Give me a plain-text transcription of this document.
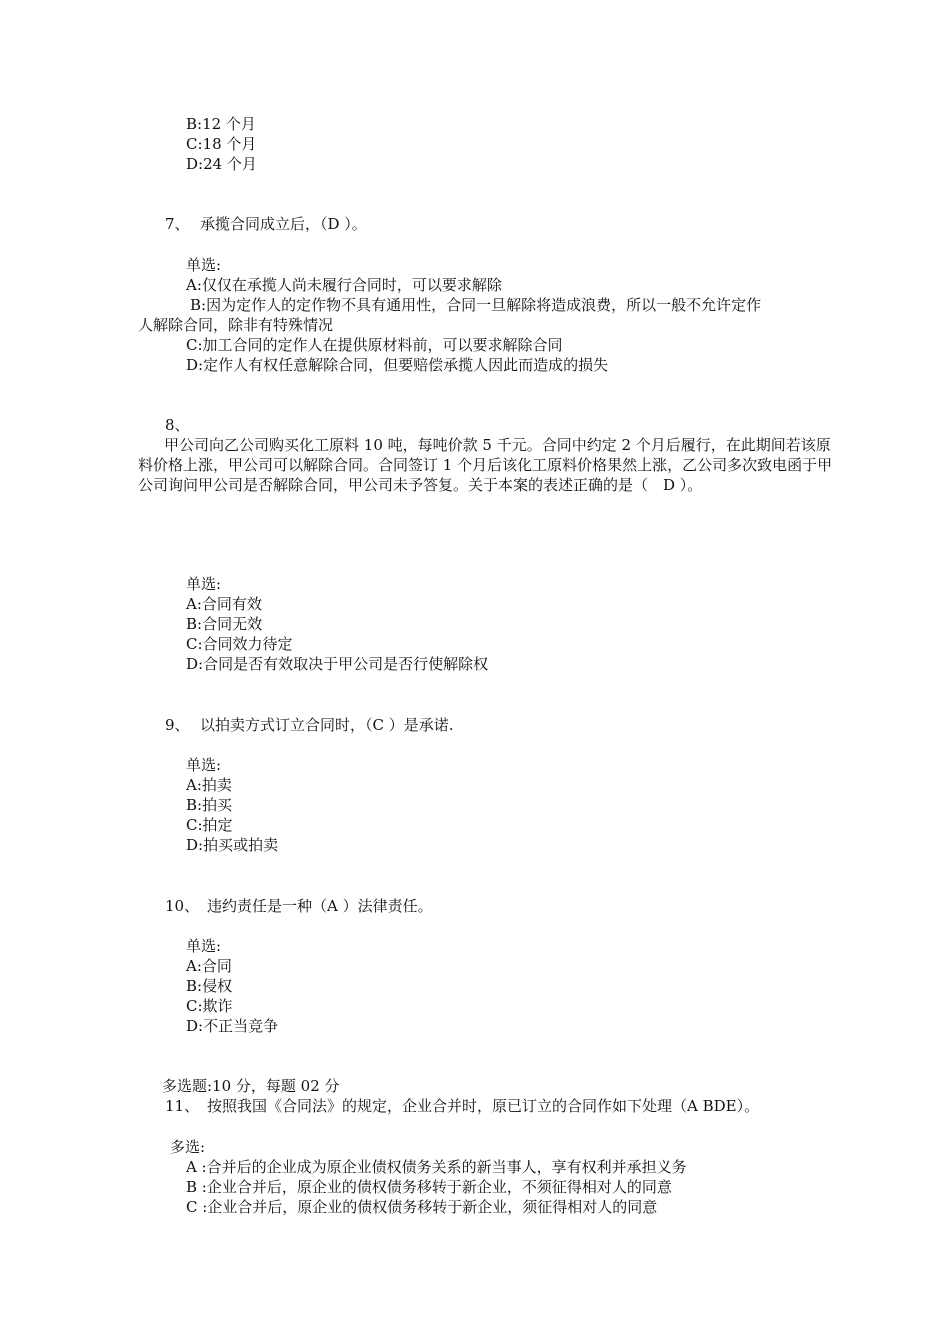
B:12 个月
C:18 个月
D:24 个月
7、 承揽合同成立后，（D ）。
单选:
A:仅仅在承揽人尚未履行合同时，可以要求解除
B:因为定作人的定作物不具有通用性，合同一旦解除将造成浪费，所以一般不允许定作
人解除合同，除非有特殊情况
C:加工合同的定作人在提供原材料前，可以要求解除合同
D:定作人有权任意解除合同，但要赔偿承揽人因此而造成的损失
8、
甲公司向乙公司购买化工原料 10 吨，每吨价款 5 千元。合同中约定 2 个月后履行，在此期间若该原料价格上涨，甲公司可以解除合同。合同签订 1 个月后该化工原料价格果然上涨，乙公司多次致电函于甲公司询问甲公司是否解除合同，甲公司未予答复。关于本案的表述正确的是（　D ）。
单选:
A:合同有效
B:合同无效
C:合同效力待定
D:合同是否有效取决于甲公司是否行使解除权
9、 以拍卖方式订立合同时，（C ）是承诺.
单选:
A:拍卖
B:拍买
C:拍定
D:拍买或拍卖
10、 违约责任是一种（A ）法律责任。
单选:
A:合同
B:侵权
C:欺诈
D:不正当竞争
多选题:10 分，每题 02 分
11、 按照我国《合同法》的规定，企业合并时，原已订立的合同作如下处理（A BDE）。
多选:
A :合并后的企业成为原企业债权债务关系的新当事人，享有权利并承担义务
B :企业合并后，原企业的债权债务移转于新企业，不须征得相对人的同意
C :企业合并后，原企业的债权债务移转于新企业，须征得相对人的同意
